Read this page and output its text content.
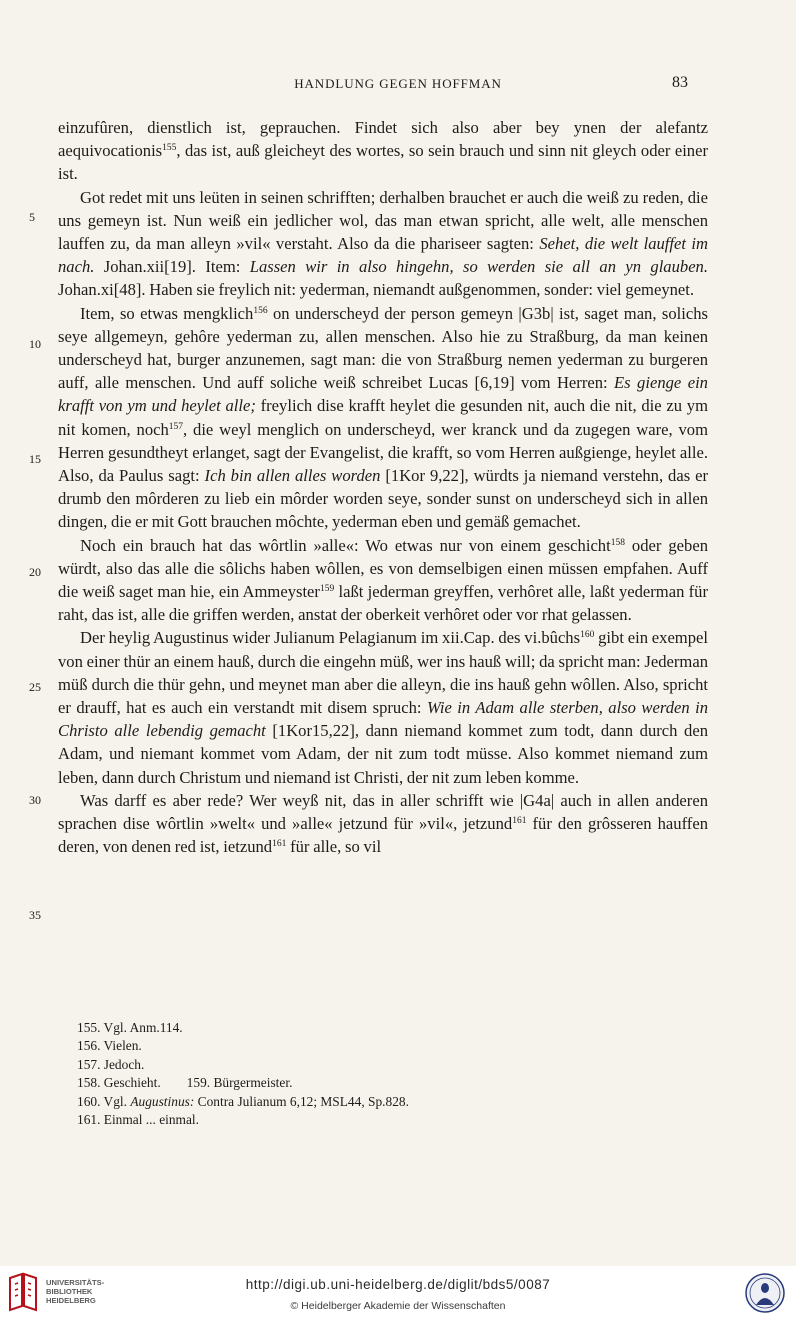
HANDLUNG GEGEN HOFFMAN	83
5
10
15
20
25
30
35

einzufûren, dienstlich ist, geprauchen. Findet sich also aber bey ynen der alefantz aequivocationis$^{155}$, das ist, auß gleicheyt des wortes, so sein brauch und sinn nit gleych oder einer ist.

Got redet mit uns leüten in seinen schrifften; derhalben brauchet er auch die weiß zu reden, die uns gemeyn ist. Nun weiß ein jedlicher wol, das man etwan spricht, alle welt, alle menschen lauffen zu, da man alleyn »vil« verstaht. Also da die phariseer sagten: Sehet, die welt lauffet im nach. Johan.xii[19]. Item: Lassen wir in also hingehn, so werden sie all an yn glauben. Johan.xi[48]. Haben sie freylich nit: yederman, niemandt außgenommen, sonder: viel gemeynet.

Item, so etwas mengklich$^{156}$ on underscheyd der person gemeyn |G3b| ist, saget man, solichs seye allgemeyn, gehôre yederman zu, allen menschen. Also hie zu Straßburg, da man keinen underscheyd hat, burger anzunemen, sagt man: die von Straßburg nemen yederman zu burgeren auff, alle menschen. Und auff soliche weiß schreibet Lucas [6,19] vom Herren: Es gienge ein krafft von ym und heylet alle; freylich dise krafft heylet die gesunden nit, auch die nit, die zu ym nit komen, noch$^{157}$, die weyl menglich on underscheyd, wer kranck und da zugegen ware, vom Herren gesundtheyt erlanget, sagt der Evangelist, die krafft, so vom Herren außgienge, heylet alle. Also, da Paulus sagt: Ich bin allen alles worden [1Kor 9,22], würdts ja niemand verstehn, das er drumb den môrderen zu lieb ein môrder worden seye, sonder sunst on underscheyd sich in allen dingen, die er mit Gott brauchen môchte, yederman eben und gemäß gemachet.

Noch ein brauch hat das wôrtlin »alle«: Wo etwas nur von einem geschicht$^{158}$ oder geben würdt, also das alle die sôlichs haben wôllen, es von demselbigen einen müssen empfahen. Auff die weiß saget man hie, ein Ammeyster$^{159}$ laßt jederman greyffen, verhôret alle, laßt yederman für raht, das ist, alle die griffen werden, anstat der oberkeit verhôret oder vor rhat gelassen.

Der heylig Augustinus wider Julianum Pelagianum im xii.Cap. des vi.bûchs$^{160}$ gibt ein exempel von einer thür an einem hauß, durch die eingehn müß, wer ins hauß will; da spricht man: Jederman müß durch die thür gehn, und meynet man aber die alleyn, die ins hauß gehn wôllen. Also, spricht er drauff, hat es auch ein verstandt mit disem spruch: Wie in Adam alle sterben, also werden in Christo alle lebendig gemacht [1Kor15,22], dann niemand kommet zum todt, dann durch den Adam, und niemant kommet vom Adam, der nit zum todt müsse. Also kommet niemand zum leben, dann durch Christum und niemand ist Christi, der nit zum leben komme.

Was darff es aber rede? Wer weyß nit, das in aller schrifft wie |G4a| auch in allen anderen sprachen dise wôrtlin »welt« und »alle« jetzund für »vil«, jetzund$^{161}$ für den grôsseren hauffen deren, von denen red ist, ietzund$^{161}$ für alle, so vil

155. Vgl. Anm.114.
156. Vielen.
157. Jedoch.
158. Geschieht. 159. Bürgermeister.
160. Vgl. Augustinus: Contra Julianum 6,12; MSL44, Sp.828.
161. Einmal ... einmal.
UNIVERSITÄTS-
BIBLIOTHEK
HEIDELBERG
http://digi.ub.uni-heidelberg.de/diglit/bds5/0087
© Heidelberger Akademie der Wissenschaften
